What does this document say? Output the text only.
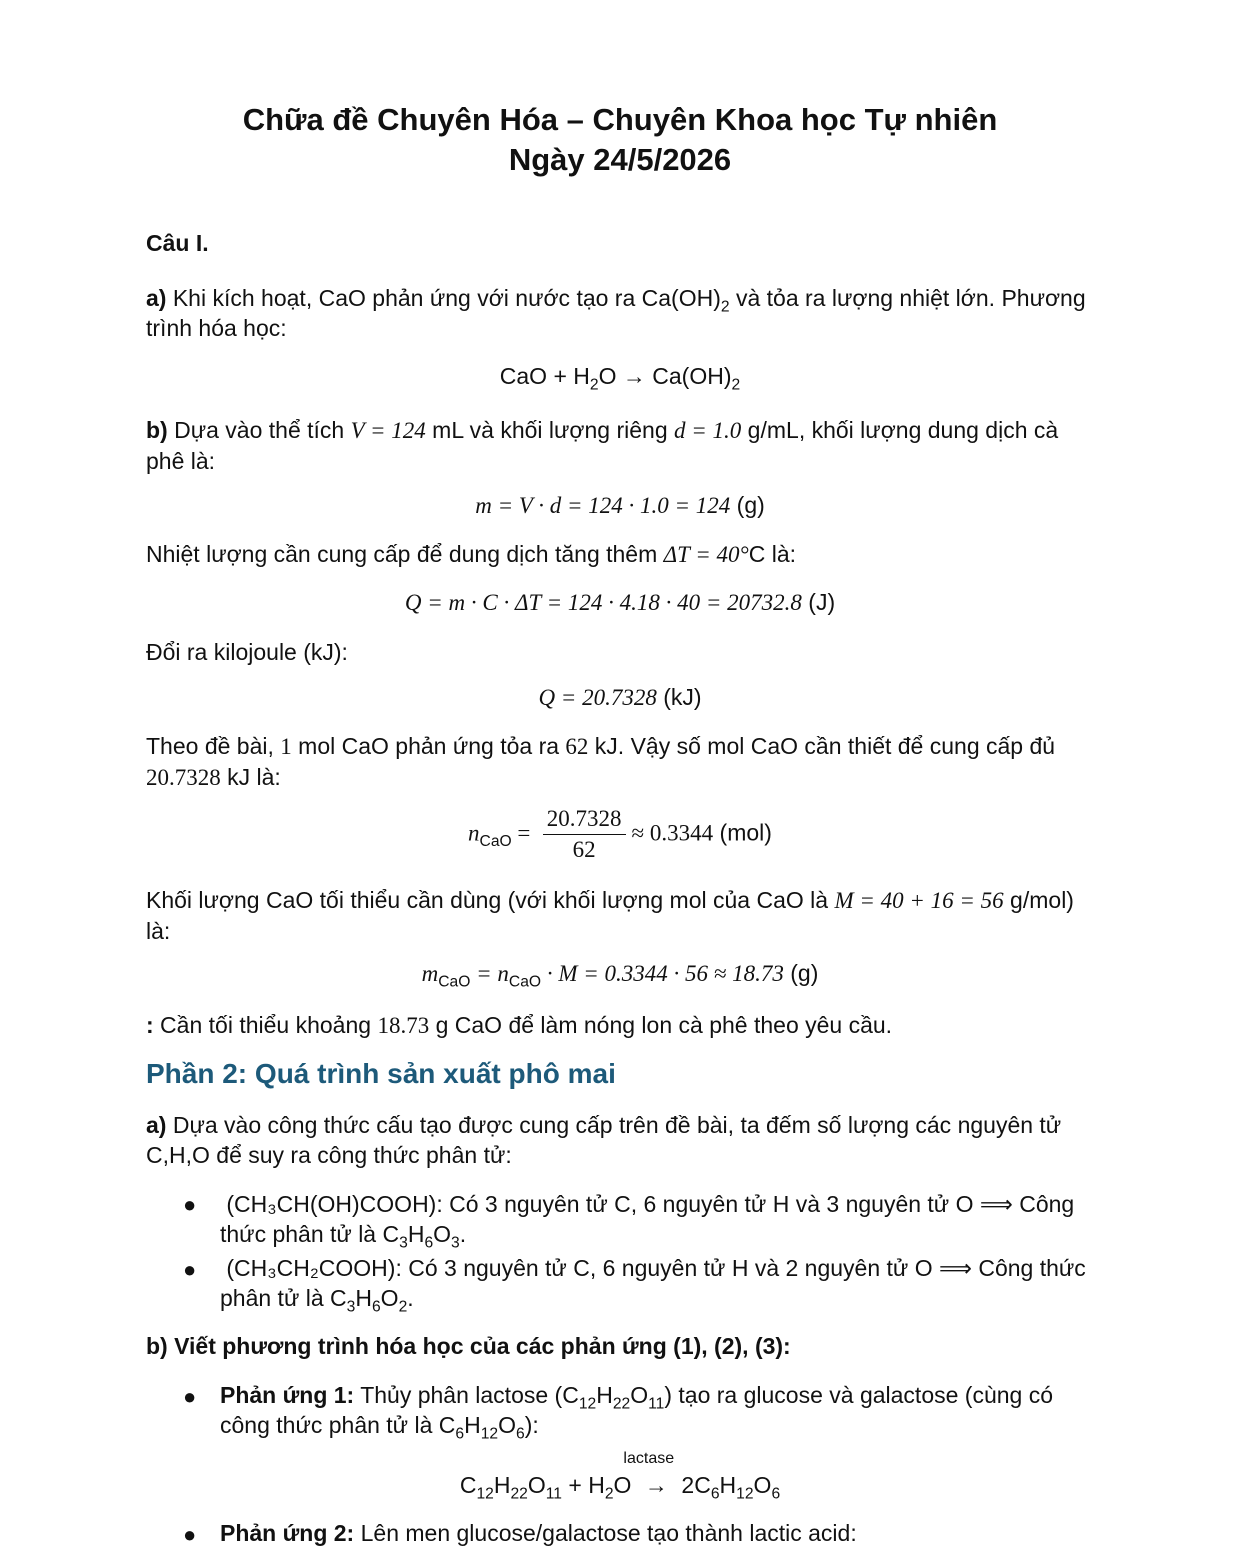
Chữa đề Chuyên Hóa – Chuyên Khoa học Tự nhiên
Ngày 24/5/2026
Câu I.
a) Khi kích hoạt, CaO phản ứng với nước tạo ra $Ca(OH)_2$ và tỏa ra lượng nhiệt lớn. Phương
trình hóa học:
CaO + $H_2O \to Ca(OH)_2$
b) Dựa vào thể tích V = 124 mL và khối lượng riêng d = 1.0 g/mL, khối lượng dung dịch cà
phê là:
m = V · d = 124 · 1.0 = 124 (g)
Nhiệt lượng cần cung cấp để dung dịch tăng thêm ΔT = 40°C là:
Q = m · C · ΔT = 124 · 4.18 · 40 = 20732.8 (J)
Đổi ra kilojoule (kJ):
Q = 20.7328 (kJ)
Theo đề bài, 1 mol CaO phản ứng tỏa ra 62 kJ. Vậy số mol CaO cần thiết để cung cấp đủ
20.7328 kJ là:
$n_{CaO} = \frac{20.7328}{62} \approx 0.3344$ (mol)
Khối lượng CaO tối thiểu cần dùng (với khối lượng mol của CaO là M = 40 + 16 = 56 g/mol)
là:
$m_{CaO} = n_{CaO} \cdot M = 0.3344 \cdot 56 \approx 18.73$ (g)
: Cần tối thiểu khoảng 18.73 g CaO để làm nóng lon cà phê theo yêu cầu.
Phần 2: Quá trình sản xuất phô mai
a) Dựa vào công thức cấu tạo được cung cấp trên đề bài, ta đếm số lượng các nguyên tử
C,H,O để suy ra công thức phân tử:
● (CH₃CH(OH)COOH): Có 3 nguyên tử C, 6 nguyên tử H và 3 nguyên tử O ⟹ Công
thức phân tử là $C_3H_6O_3$.
● (CH₃CH₂COOH): Có 3 nguyên tử C, 6 nguyên tử H và 2 nguyên tử O ⟹ Công thức
phân tử là $C_3H_6O_2$.
b) Viết phương trình hóa học của các phản ứng (1), (2), (3):
● Phản ứng 1: Thủy phân lactose $(C_{12}H_{22}O_{11})$ tạo ra glucose và galactose (cùng có
công thức phân tử là $C_6H_{12}O_6$):
$C_{12}H_{22}O_{11} + H_2O$
lactase
→ $2C_6H_{12}O_6$
● Phản ứng 2: Lên men glucose/galactose tạo thành lactic acid:
